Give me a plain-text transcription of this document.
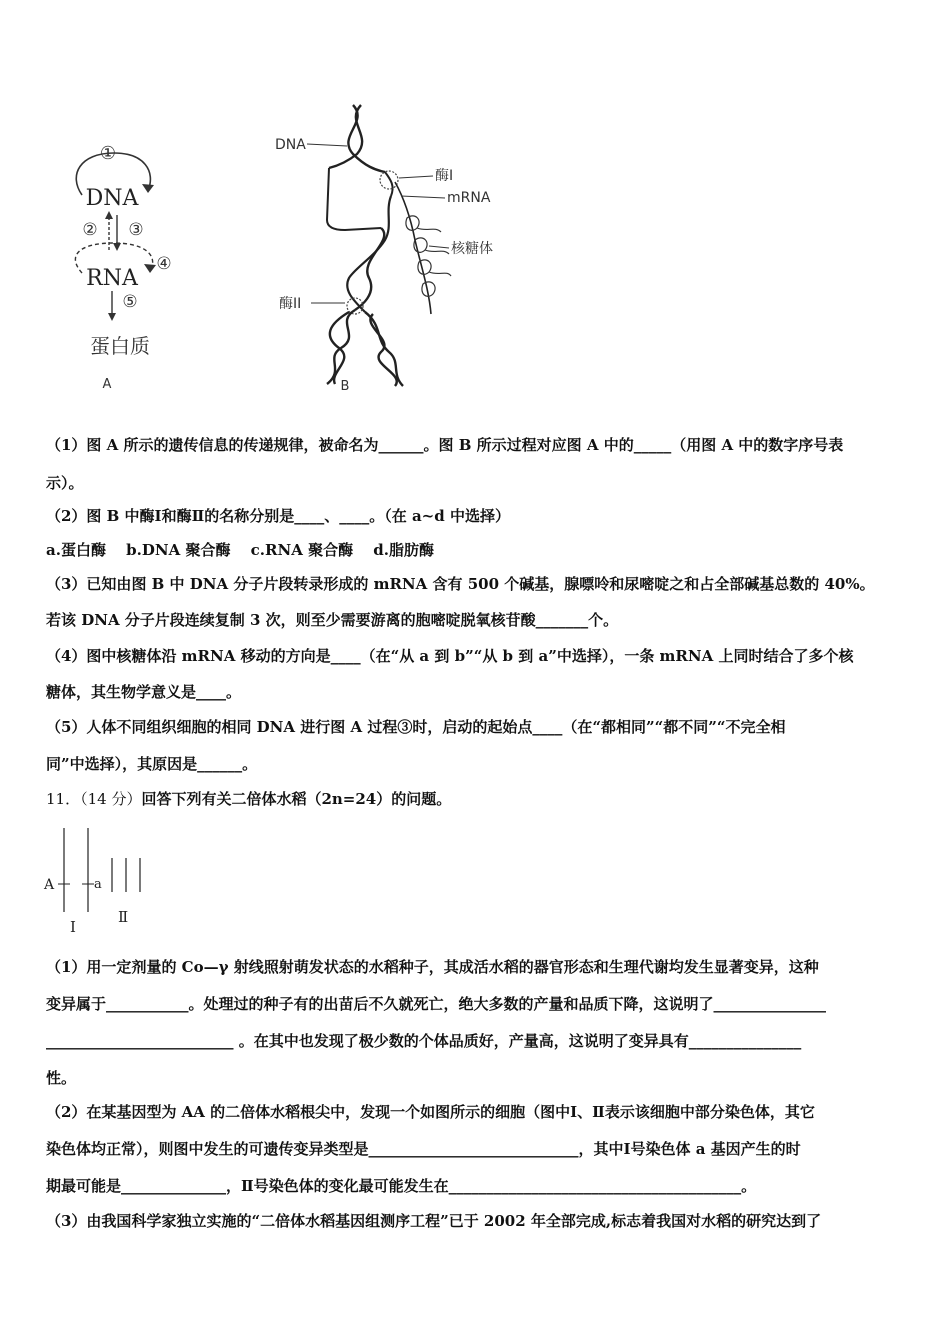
①
DNA
② ③
RNA
④
⑤
蛋白质
A
DNA
酶I
mRNA
核糖体
酶II
B
（1）图 A 所示的遗传信息的传递规律，被命名为______。图 B 所示过程对应图 A 中的_____（用图 A 中的数字序号表
示）。
（2）图 B 中酶Ⅰ和酶Ⅱ的名称分别是____、____。（在 a~d 中选择）
a.蛋白酶　 b.DNA 聚合酶　 c.RNA 聚合酶　 d.脂肪酶
（3）已知由图 B 中 DNA 分子片段转录形成的 mRNA 含有 500 个碱基，腺嘌呤和尿嘧啶之和占全部碱基总数的 40%。
若该 DNA 分子片段连续复制 3 次，则至少需要游离的胞嘧啶脱氧核苷酸_______个。
（4）图中核糖体沿 mRNA 移动的方向是____（在“从 a 到 b”“从 b 到 a”中选择），一条 mRNA 上同时结合了多个核
糖体，其生物学意义是____。
（5）人体不同组织细胞的相同 DNA 进行图 A 过程③时，启动的起始点____（在“都相同”“都不同”“不完全相
同”中选择），其原因是______。
11．（14 分）回答下列有关二倍体水稻（2n=24）的问题。
A	a
Ⅰ
Ⅱ
（1）用一定剂量的 Co—γ 射线照射萌发状态的水稻种子，其成活水稻的器官形态和生理代谢均发生显著变异，这种
变异属于___________。处理过的种子有的出苗后不久就死亡，绝大多数的产量和品质下降，这说明了_______________
_________________________ 。在其中也发现了极少数的个体品质好，产量高，这说明了变异具有_______________
性。
（2）在某基因型为 AA 的二倍体水稻根尖中，发现一个如图所示的细胞（图中Ⅰ、Ⅱ表示该细胞中部分染色体，其它
染色体均正常），则图中发生的可遗传变异类型是____________________________，其中Ⅰ号染色体 a 基因产生的时
期最可能是______________，Ⅱ号染色体的变化最可能发生在_______________________________________。
（3）由我国科学家独立实施的“二倍体水稻基因组测序工程”已于 2002 年全部完成,标志着我国对水稻的研究达到了
